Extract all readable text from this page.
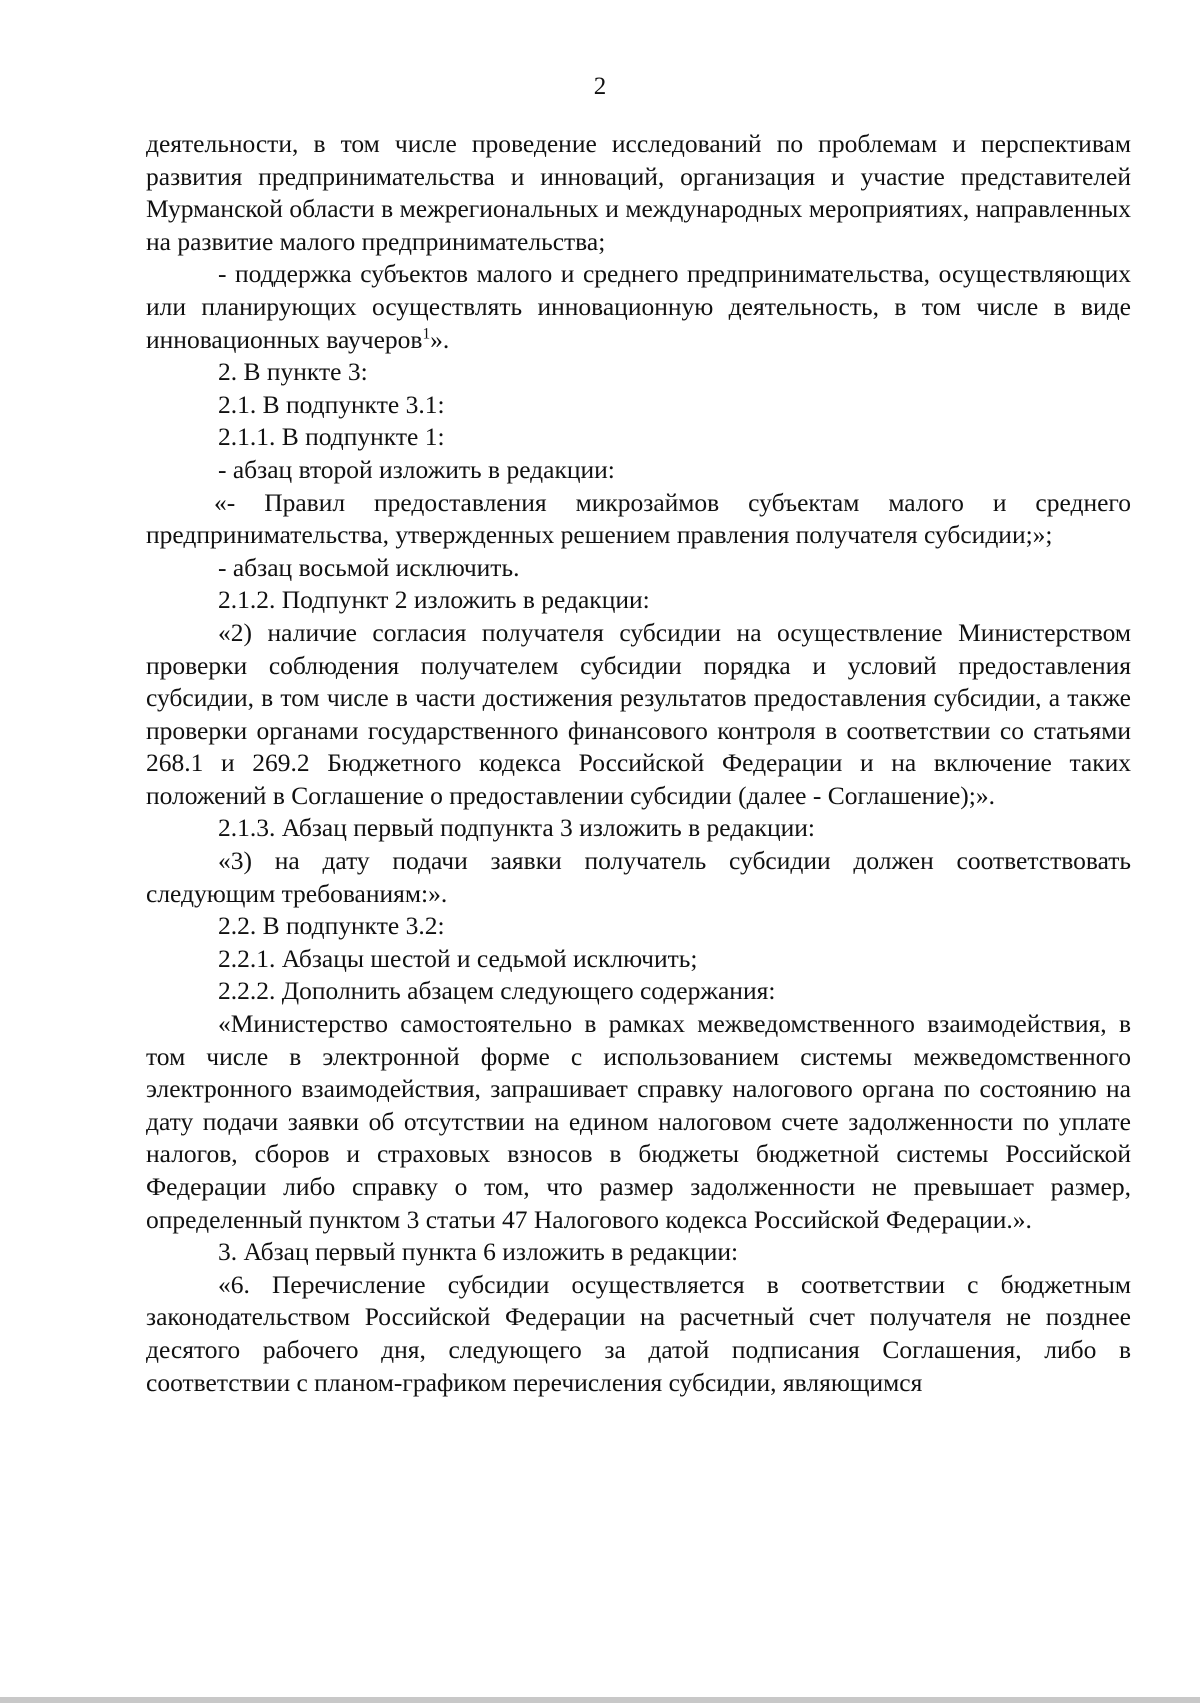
2

деятельности, в том числе проведение исследований по проблемам и перспективам развития предпринимательства и инноваций, организация и участие представителей Мурманской области в межрегиональных и международных мероприятиях, направленных на развитие малого предпринимательства;

- поддержка субъектов малого и среднего предпринимательства, осуществляющих или планирующих осуществлять инновационную деятельность, в том числе в виде инновационных ваучеров$^1$».

2. В пункте 3:

2.1. В подпункте 3.1:

2.1.1. В подпункте 1:

- абзац второй изложить в редакции:

«- Правил предоставления микрозаймов субъектам малого и среднего предпринимательства, утвержденных решением правления получателя субсидии;»;

- абзац восьмой исключить.

2.1.2. Подпункт 2 изложить в редакции:

«2) наличие согласия получателя субсидии на осуществление Министерством проверки соблюдения получателем субсидии порядка и условий предоставления субсидии, в том числе в части достижения результатов предоставления субсидии, а также проверки органами государственного финансового контроля в соответствии со статьями 268.1 и 269.2 Бюджетного кодекса Российской Федерации и на включение таких положений в Соглашение о предоставлении субсидии (далее - Соглашение);».

2.1.3. Абзац первый подпункта 3 изложить в редакции:

«3) на дату подачи заявки получатель субсидии должен соответствовать следующим требованиям:».

2.2. В подпункте 3.2:

2.2.1. Абзацы шестой и седьмой исключить;

2.2.2. Дополнить абзацем следующего содержания:

«Министерство самостоятельно в рамках межведомственного взаимодействия, в том числе в электронной форме с использованием системы межведомственного электронного взаимодействия, запрашивает справку налогового органа по состоянию на дату подачи заявки об отсутствии на едином налоговом счете задолженности по уплате налогов, сборов и страховых взносов в бюджеты бюджетной системы Российской Федерации либо справку о том, что размер задолженности не превышает размер, определенный пунктом 3 статьи 47 Налогового кодекса Российской Федерации.».

3. Абзац первый пункта 6 изложить в редакции:

«6. Перечисление субсидии осуществляется в соответствии с бюджетным законодательством Российской Федерации на расчетный счет получателя не позднее десятого рабочего дня, следующего за датой подписания Соглашения, либо в соответствии с планом-графиком перечисления субсидии, являющимся
